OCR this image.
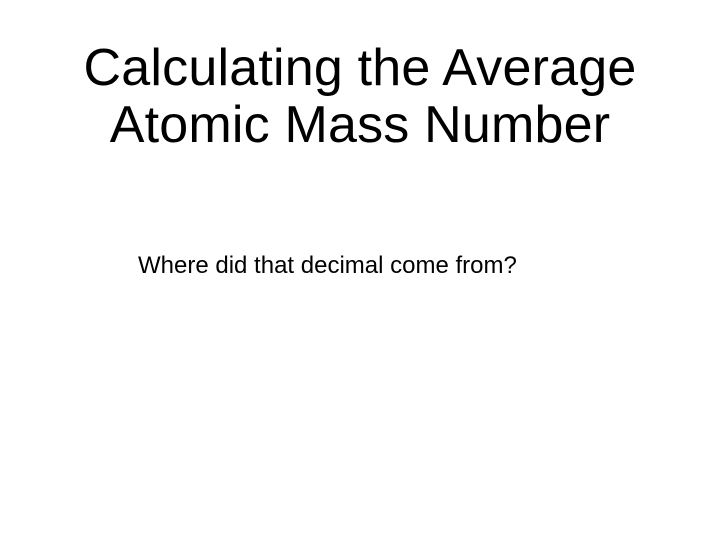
Calculating the Average
Atomic Mass Number

Where did that decimal come from?
